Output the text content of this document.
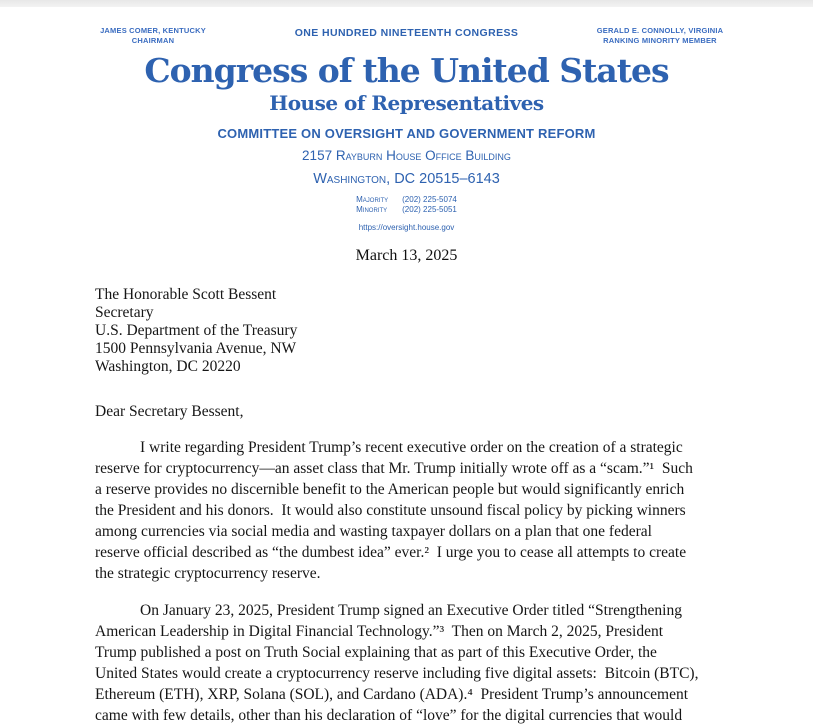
JAMES COMER, KENTUCKY
CHAIRMAN
ONE HUNDRED NINETEENTH CONGRESS	GERALD E. CONNOLLY, VIRGINIA
RANKING MINORITY MEMBER
Congress of the United States
House of Representatives
COMMITTEE ON OVERSIGHT AND GOVERNMENT REFORM
2157 Rayburn House Office Building
Washington, DC 20515–6143
Majority (202) 225-5074
Minority (202) 225-5051
https://oversight.house.gov
March 13, 2025
The Honorable Scott Bessent
Secretary
U.S. Department of the Treasury
1500 Pennsylvania Avenue, NW
Washington, DC 20220
Dear Secretary Bessent,
I write regarding President Trump’s recent executive order on the creation of a strategic
reserve for cryptocurrency—an asset class that Mr. Trump initially wrote off as a “scam.”¹  Such
a reserve provides no discernible benefit to the American people but would significantly enrich
the President and his donors.  It would also constitute unsound fiscal policy by picking winners
among currencies via social media and wasting taxpayer dollars on a plan that one federal
reserve official described as “the dumbest idea” ever.²  I urge you to cease all attempts to create
the strategic cryptocurrency reserve.
On January 23, 2025, President Trump signed an Executive Order titled “Strengthening
American Leadership in Digital Financial Technology.”³  Then on March 2, 2025, President
Trump published a post on Truth Social explaining that as part of this Executive Order, the
United States would create a cryptocurrency reserve including five digital assets:  Bitcoin (BTC),
Ethereum (ETH), XRP, Solana (SOL), and Cardano (ADA).⁴  President Trump’s announcement
came with few details, other than his declaration of “love” for the digital currencies that would
